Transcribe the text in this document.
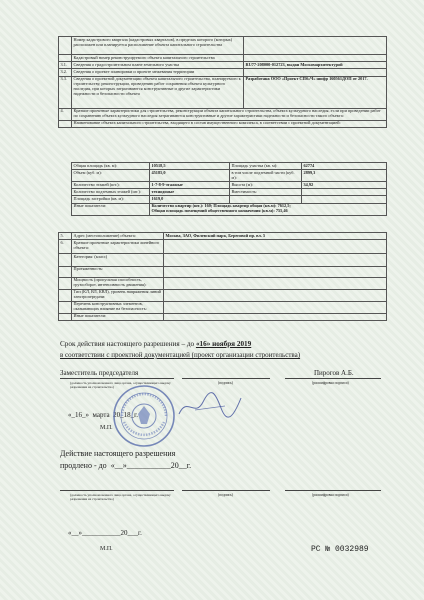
	Номер кадастрового квартала (кадастровых кварталов), в пределах которого (которых) расположен или планируется расположение объекта капитального строительства	
	Кадастровый номер реконструируемого объекта капитального строительства	
3.1.	Сведения о градостроительном плане земельного участка	RU77-208000-012723, выдан Москомархитектурой
3.2.	Сведения о проекте планировки и проекте межевания территории	
3.3.	Сведения о проектной документации объекта капитального строительства, планируемого к строительству, реконструкции, проведению работ сохранения объекта культурного наследия, при которых затрагиваются конструктивные и другие характеристики надежности и безопасности объекта	Разработана ООО «Проект СПб»Ч» шифр 160561ДОП от 2017.
4.	Краткие проектные характеристики для строительства, реконструкции объекта капитального строительства, объекта культурного наследия, если при проведении работ по сохранению объекта культурного наследия затрагиваются конструктивные и другие характеристики надежности и безопасности такого объекта:	
	Наименование объекта капитального строительства, входящего в состав имущественного комплекса, в соответствии с проектной документацией:	
Общая площадь (кв. м):	10518,5	Площадь участка (кв. м):	62774
Объем (куб. м):	45185,0	в том числе подземной части (куб. м):	2899,3
Количество этажей (шт.):	1-7-8-9-этажные	Высота (м):	34,92
Количество подземных этажей (шт.):	технодоные	Вместимость:	
Площадь застройки (кв. м):	1619,0		
Иные показатели:	Количество квартир (шт.): 160; Площадь квартир общая (кв.м): 7612,5;
Общая площадь помещений общественного назначения (кв.м): 755,46		
5.	Адрес (местоположение) объекта:	Москва, ЗАО, Филевский парк, Береговой пр. вл. 5
6.	Краткие проектные характеристики линейного объекта:	
	Категория: (класс)	
	Протяженность:	
	Мощность (пропускная способность, грузооборот, интенсивность движения):	
	Тип (КЛ, ВЛ, КВЛ), уровень напряжения линий электропередачи:	
	Перечень конструктивных элементов, оказывающих влияние на безопасность:	
	Иные показатели:	
Срок действия настоящего разрешения – до «16» ноября 2019
в соответствии с проектной документацией (проект организации строительства)
Заместитель председателя	Пирогов А.Б.
(должность уполномоченного лица органа, осуществляющего выдачу разрешения на строительство)
(подпись)	(расшифровка подписи)
«_16_» марта 20_18_г.
М.П.
Действие настоящего разрешения
продлено - до «__»___________20__г.
(должность уполномоченного лица органа, осуществляющего выдачу разрешения на строительство)
(подпись)	(расшифровка подписи)
«__»___________20___г.
М.П.	РС № 0032989
